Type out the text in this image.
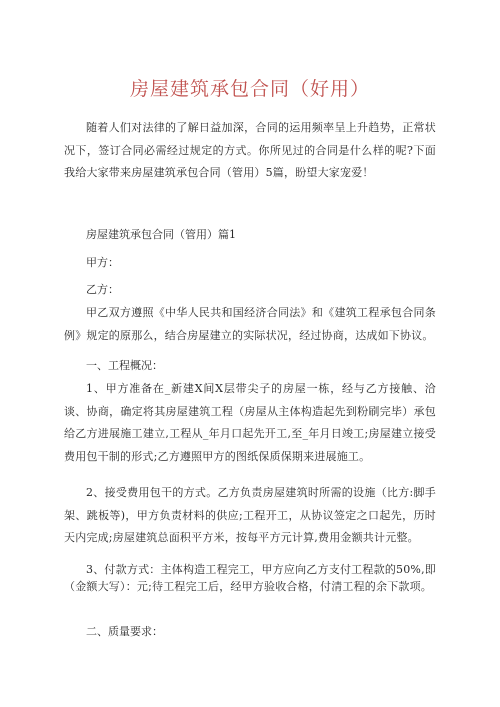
房屋建筑承包合同（好用）
随着人们对法律的了解日益加深，合同的运用频率呈上升趋势，正常状况下，签订合同必需经过规定的方式。你所见过的合同是什么样的呢?下面我给大家带来房屋建筑承包合同（管用）5篇，盼望大家宠爱！
房屋建筑承包合同（管用）篇1
甲方：
乙方：
甲乙双方遵照《中华人民共和国经济合同法》和《建筑工程承包合同条例》规定的原那么，结合房屋建立的实际状况，经过协商，达成如下协议。
一、工程概况：
1、甲方准备在_新建X间X层带尖子的房屋一栋，经与乙方接触、洽谈、协商，确定将其房屋建筑工程（房屋从主体构造起先到粉刷完毕）承包给乙方进展施工建立,工程从_年月口起先开工,至_年月日竣工;房屋建立接受费用包干制的形式;乙方遵照甲方的图纸保质保期来进展施工。
2、接受费用包干的方式。乙方负责房屋建筑时所需的设施（比方:脚手架、跳板等)，甲方负责材料的供应;工程开工，从协议签定之口起先，历时天内完成;房屋建筑总面积平方米，按每平方元计算,费用金额共计元整。
3、付款方式：主体构造工程完工，甲方应向乙方支付工程款的50%,即（金额大写）：元;待工程完工后，经甲方验收合格，付清工程的余下款项。
二、质量要求：
